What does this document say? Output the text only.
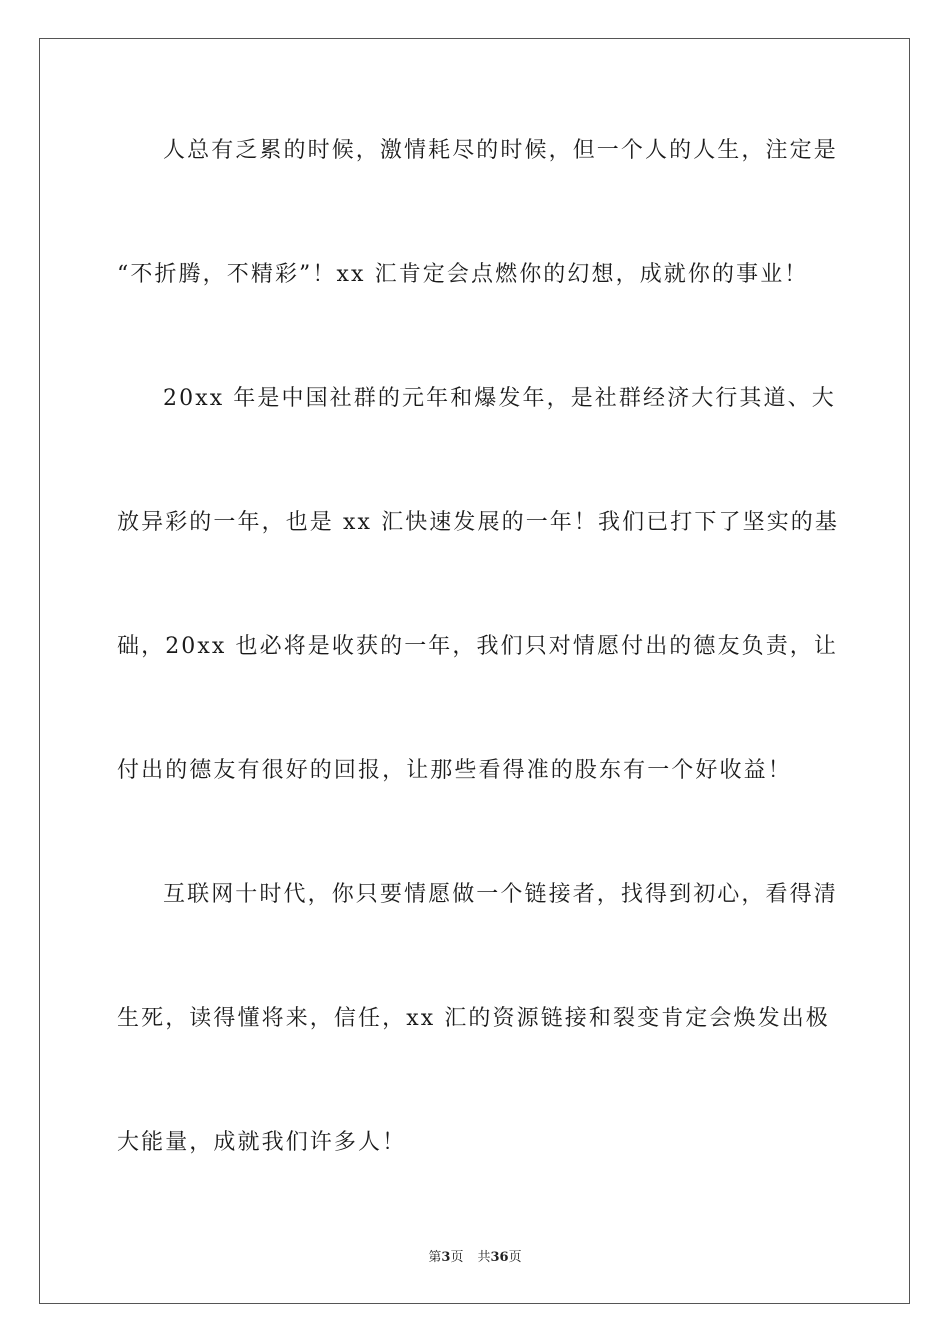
人总有乏累的时候，激情耗尽的时候，但一个人的人生，注定是
“不折腾，不精彩”！xx 汇肯定会点燃你的幻想，成就你的事业！
20xx 年是中国社群的元年和爆发年，是社群经济大行其道、大
放异彩的一年，也是 xx 汇快速发展的一年！我们已打下了坚实的基
础，20xx 也必将是收获的一年，我们只对情愿付出的德友负责，让
付出的德友有很好的回报，让那些看得准的股东有一个好收益！
互联网十时代，你只要情愿做一个链接者，找得到初心，看得清
生死，读得懂将来，信任，xx 汇的资源链接和裂变肯定会焕发出极
大能量，成就我们许多人！
第3页 共36页
